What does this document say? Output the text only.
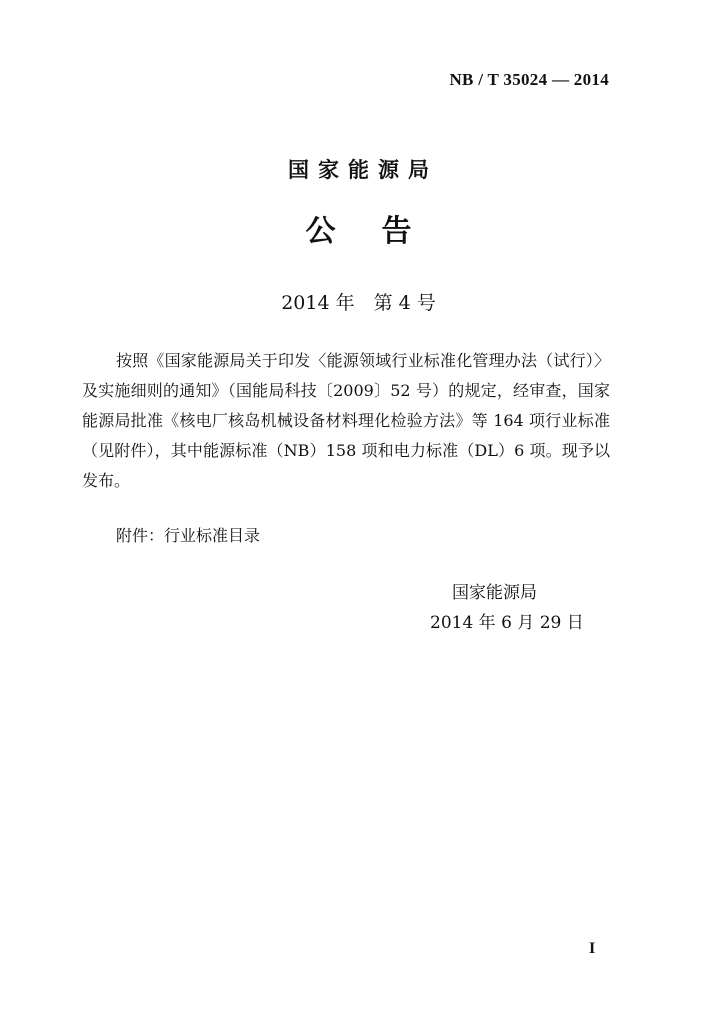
NB / T 35024 — 2014
国家能源局
公告
2014 年　第 4 号

按照《国家能源局关于印发〈能源领域行业标准化管理办法（试行）〉及实施细则的通知》（国能局科技〔2009〕52 号）的规定，经审查，国家能源局批准《核电厂核岛机械设备材料理化检验方法》等 164 项行业标准（见附件），其中能源标准（NB）158 项和电力标准（DL）6 项。现予以发布。

附件：行业标准目录
国家能源局
2014 年 6 月 29 日
I
